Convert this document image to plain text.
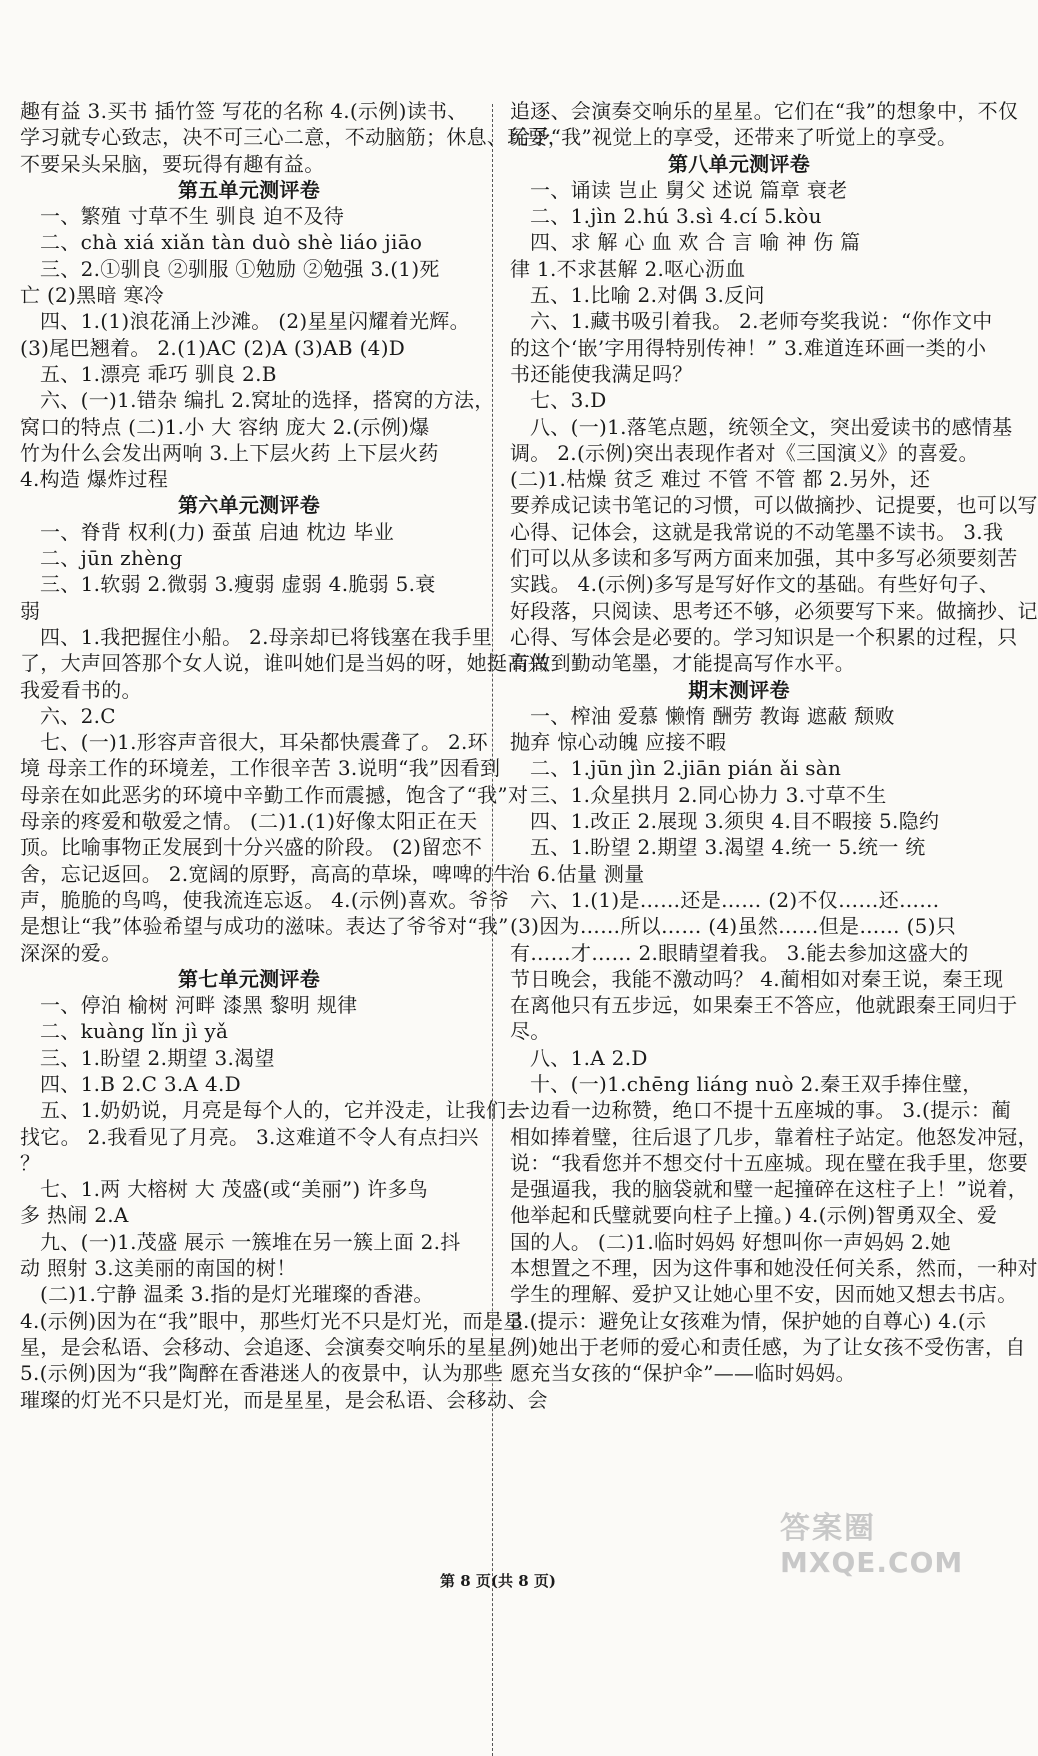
趣有益 3.买书 插竹签 写花的名称 4.(示例)读书、
学习就专心致志，决不可三心二意，不动脑筋；休息、玩耍，
不要呆头呆脑，要玩得有趣有益。
第五单元测评卷
一、繁殖 寸草不生 驯良 迫不及待
二、chà xiá xiǎn tàn duò shè liáo jiāo
三、2.①驯良 ②驯服 ①勉励 ②勉强 3.(1)死
亡 (2)黑暗 寒冷
四、1.(1)浪花涌上沙滩。 (2)星星闪耀着光辉。
(3)尾巴翘着。 2.(1)AC (2)A (3)AB (4)D
五、1.漂亮 乖巧 驯良 2.B
六、(一)1.错杂 编扎 2.窝址的选择，搭窝的方法，
窝口的特点 (二)1.小 大 容纳 庞大 2.(示例)爆
竹为什么会发出两响 3.上下层火药 上下层火药
4.构造 爆炸过程
第六单元测评卷
一、脊背 权利(力) 蚕茧 启迪 枕边 毕业
二、jūn zhèng
三、1.软弱 2.微弱 3.瘦弱 虚弱 4.脆弱 5.衰
弱
四、1.我把握住小船。 2.母亲却已将钱塞在我手里
了，大声回答那个女人说，谁叫她们是当妈的呀，她挺高兴
我爱看书的。
六、2.C
七、(一)1.形容声音很大，耳朵都快震聋了。 2.环
境 母亲工作的环境差，工作很辛苦 3.说明“我”因看到
母亲在如此恶劣的环境中辛勤工作而震撼，饱含了“我”对
母亲的疼爱和敬爱之情。 (二)1.(1)好像太阳正在天
顶。比喻事物正发展到十分兴盛的阶段。 (2)留恋不
舍，忘记返回。 2.宽阔的原野，高高的草垛，啤啤的牛
声，脆脆的鸟鸣，使我流连忘返。 4.(示例)喜欢。爷爷
是想让“我”体验希望与成功的滋味。表达了爷爷对“我”
深深的爱。
第七单元测评卷
一、停泊 榆树 河畔 漆黑 黎明 规律
二、kuàng lǐn jì yǎ
三、1.盼望 2.期望 3.渴望
四、1.B 2.C 3.A 4.D
五、1.奶奶说，月亮是每个人的，它并没走，让我们去
找它。 2.我看见了月亮。 3.这难道不令人有点扫兴
？
七、1.两 大榕树 大 茂盛(或“美丽”) 许多鸟
多 热闹 2.A
九、(一)1.茂盛 展示 一簇堆在另一簇上面 2.抖
动 照射 3.这美丽的南国的树！
(二)1.宁静 温柔 3.指的是灯光璀璨的香港。
4.(示例)因为在“我”眼中，那些灯光不只是灯光，而是星
星，是会私语、会移动、会追逐、会演奏交响乐的星星。
5.(示例)因为“我”陶醉在香港迷人的夜景中，认为那些
璀璨的灯光不只是灯光，而是星星，是会私语、会移动、会
追逐、会演奏交响乐的星星。它们在“我”的想象中，不仅
给予“我”视觉上的享受，还带来了听觉上的享受。
第八单元测评卷
一、诵读 岂止 舅父 述说 篇章 衰老
二、1.jìn 2.hú 3.sì 4.cí 5.kòu
四、求 解 心 血 欢 合 言 喻 神 伤 篇
律 1.不求甚解 2.呕心沥血
五、1.比喻 2.对偶 3.反问
六、1.藏书吸引着我。 2.老师夸奖我说：“你作文中
的这个‘嵌’字用得特别传神！” 3.难道连环画一类的小
书还能使我满足吗？
七、3.D
八、(一)1.落笔点题，统领全文，突出爱读书的感情基
调。 2.(示例)突出表现作者对《三国演义》的喜爱。
(二)1.枯燥 贫乏 难过 不管 不管 都 2.另外，还
要养成记读书笔记的习惯，可以做摘抄、记提要，也可以写
心得、记体会，这就是我常说的不动笔墨不读书。 3.我
们可以从多读和多写两方面来加强，其中多写必须要刻苦
实践。 4.(示例)多写是写好作文的基础。有些好句子、
好段落，只阅读、思考还不够，必须要写下来。做摘抄、记
心得、写体会是必要的。学习知识是一个积累的过程，只
有做到勤动笔墨，才能提高写作水平。
期末测评卷
一、榨油 爱慕 懒惰 酬劳 教诲 遮蔽 颓败
抛弃 惊心动魄 应接不暇
二、1.jūn jìn 2.jiān pián ǎi sàn
三、1.众星拱月 2.同心协力 3.寸草不生
四、1.改正 2.展现 3.须臾 4.目不暇接 5.隐约
五、1.盼望 2.期望 3.渴望 4.统一 5.统一 统
治 6.估量 测量
六、1.(1)是……还是…… (2)不仅……还……
(3)因为……所以…… (4)虽然……但是…… (5)只
有……才…… 2.眼睛望着我。 3.能去参加这盛大的
节日晚会，我能不激动吗？ 4.蔺相如对秦王说，秦王现
在离他只有五步远，如果秦王不答应，他就跟秦王同归于
尽。
八、1.A 2.D
十、(一)1.chēng liáng nuò 2.秦王双手捧住璧，
一边看一边称赞，绝口不提十五座城的事。 3.(提示：蔺
相如捧着璧，往后退了几步，靠着柱子站定。他怒发冲冠，
说：“我看您并不想交付十五座城。现在璧在我手里，您要
是强逼我，我的脑袋就和璧一起撞碎在这柱子上！”说着，
他举起和氏璧就要向柱子上撞。) 4.(示例)智勇双全、爱
国的人。 (二)1.临时妈妈 好想叫你一声妈妈 2.她
本想置之不理，因为这件事和她没任何关系，然而，一种对
学生的理解、爱护又让她心里不安，因而她又想去书店。
3.(提示：避免让女孩难为情，保护她的自尊心) 4.(示
例)她出于老师的爱心和责任感，为了让女孩不受伤害，自
愿充当女孩的“保护伞”——临时妈妈。
答案圈
MXQE.COM
第 8 页(共 8 页)
